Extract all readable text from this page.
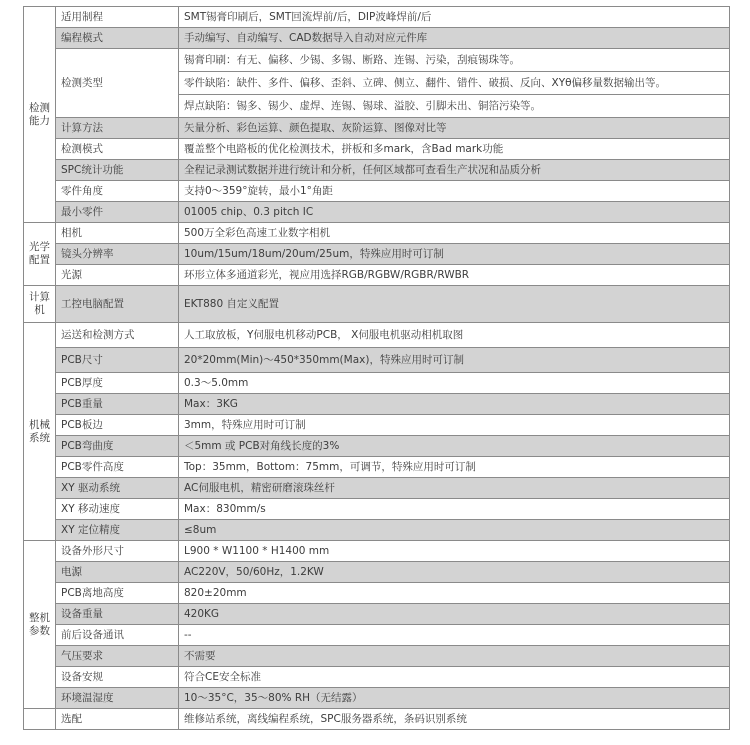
检测能力	适用制程	SMT锡膏印刷后，SMT回流焊前/后，DIP波峰焊前/后
	编程模式	手动编写、自动编写、CAD数据导入自动对应元件库
	检测类型	锡膏印刷：有无、偏移、少锡、多锡、断路、连锡、污染，刮痕锡珠等。
零件缺陷：缺件、多件、偏移、歪斜、立碑、侧立、翻件、错件、破损、反向、XYθ偏移量数据输出等。
焊点缺陷：锡多、锡少、虚焊、连锡、锡球、溢胶、引脚未出、铜箔污染等。

	计算方法	矢量分析、彩色运算、颜色提取、灰阶运算、图像对比等
	检测模式	覆盖整个电路板的优化检测技术，拼板和多mark，含Bad mark功能
	SPC统计功能	全程记录测试数据并进行统计和分析，任何区域都可查看生产状况和品质分析
	零件角度	支持0～359°旋转，最小1°角距
	最小零件	01005 chip、0.3 pitch IC
光学配置	相机	500万全彩色高速工业数字相机
	镜头分辨率	10um/15um/18um/20um/25um，特殊应用时可订制
	光源	环形立体多通道彩光，视应用选择RGB/RGBW/RGBR/RWBR
计算机	工控电脑配置	EKT880 自定义配置
机械系统	运送和检测方式	人工取放板，Y伺服电机移动PCB， X伺服电机驱动相机取图
	PCB尺寸	20*20mm(Min)～450*350mm(Max)，特殊应用时可订制
	PCB厚度	0.3～5.0mm
	PCB重量	Max：3KG
	PCB板边	3mm，特殊应用时可订制
	PCB弯曲度	＜5mm 或 PCB对角线长度的3%
	PCB零件高度	Top：35mm，Bottom：75mm，可调节，特殊应用时可订制
	XY 驱动系统	AC伺服电机，精密研磨滚珠丝杆
	XY 移动速度	Max：830mm/s
	XY 定位精度	≤8um
整机参数	设备外形尺寸	L900 * W1100 * H1400 mm
	电源	AC220V，50/60Hz，1.2KW
	PCB离地高度	820±20mm
	设备重量	420KG
	前后设备通讯	--
	气压要求	不需要
	设备安规	符合CE安全标准
	环境温湿度	10～35°C，35～80% RH（无结露）
	选配	维修站系统，离线编程系统，SPC服务器系统，条码识别系统
